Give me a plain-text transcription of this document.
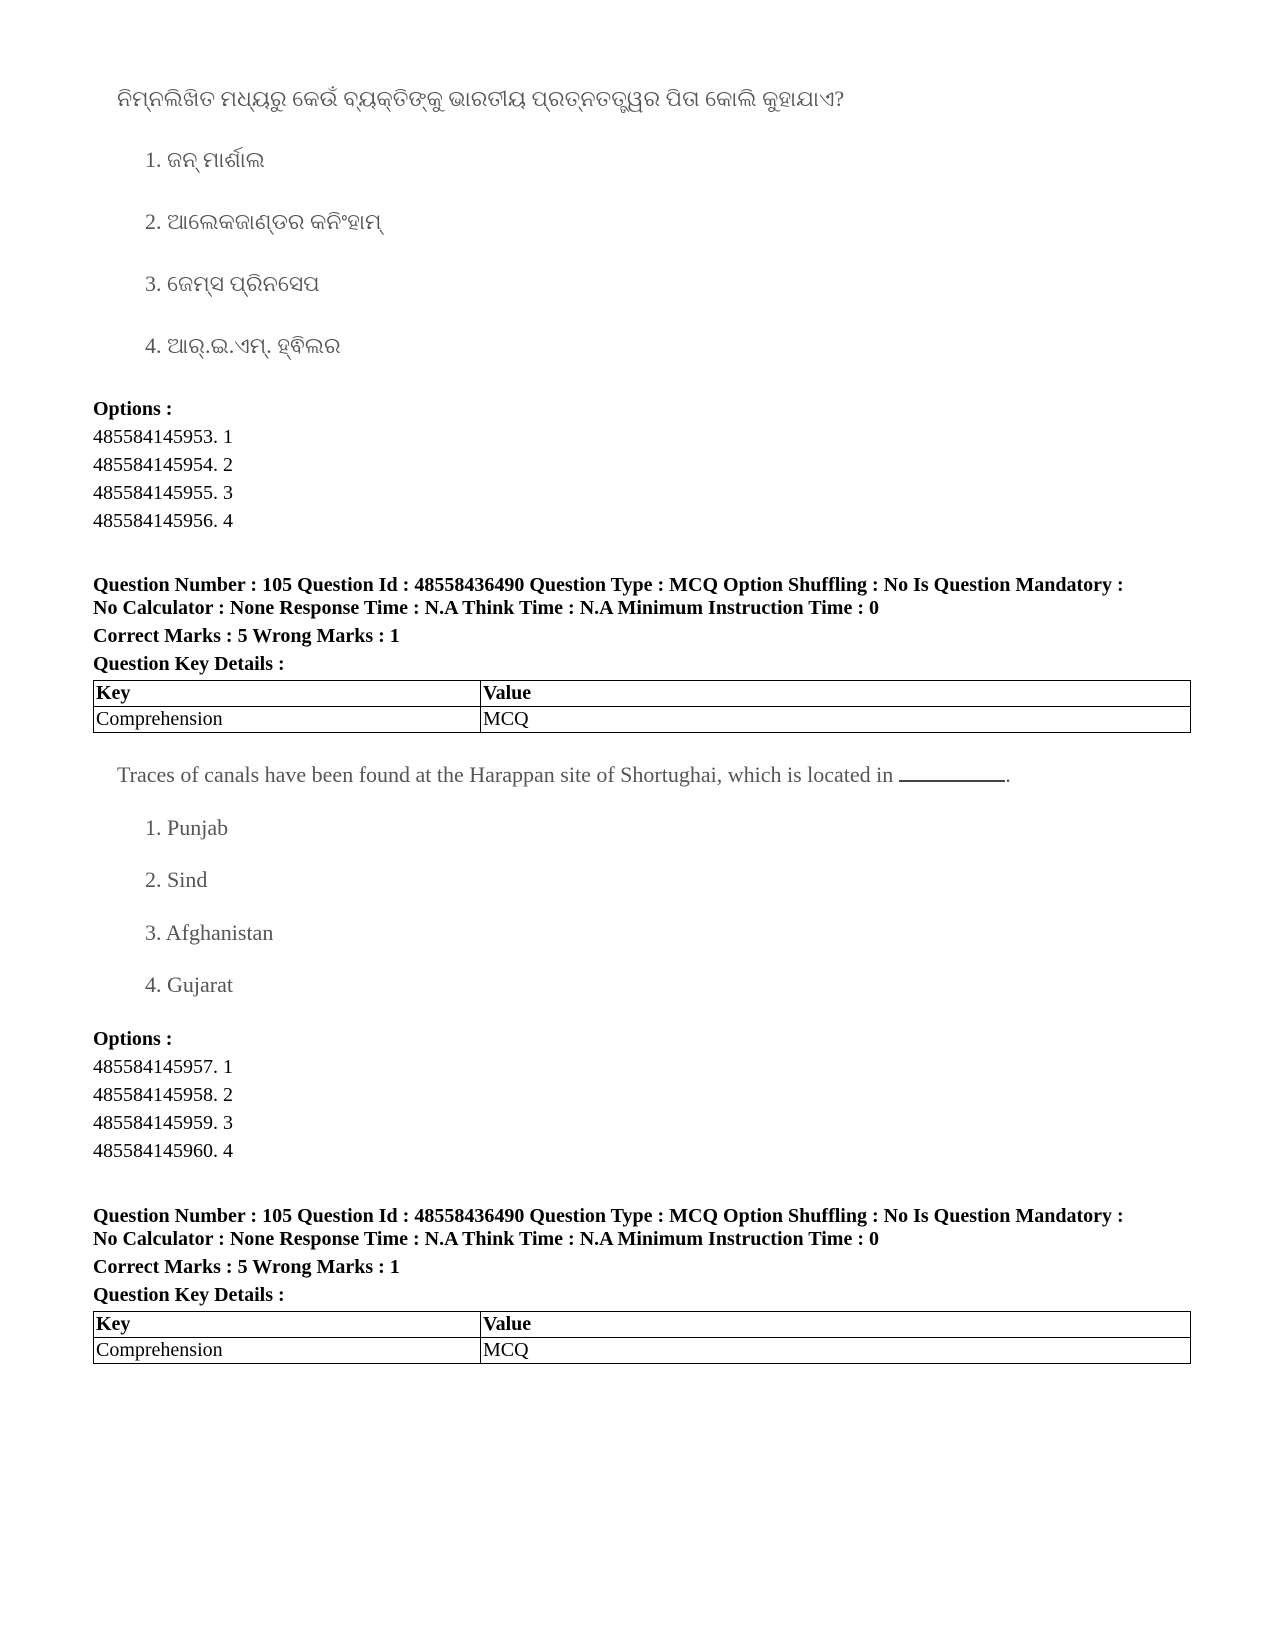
ନିମ୍ନଲିଖିତ ମଧ୍ୟରୁ କେଉଁ ବ୍ୟକ୍ତିଙ୍କୁ ଭାରତୀୟ ପ୍ରତ୍ନତତ୍ତ୍ୱର ପିତା କୋଲି କୁହାଯାଏ?
1. ଜନ୍ ମାର୍ଶାଲ
2. ଆଲେକଜାଣ୍ଡର କନିଂହାମ୍
3. ଜେମ୍ସ ପ୍ରିନସେପ
4. ଆର୍.ଇ.ଏମ୍. ହ୍ଵିଲର
Options :
485584145953. 1
485584145954. 2
485584145955. 3
485584145956. 4
Question Number : 105 Question Id : 48558436490 Question Type : MCQ Option Shuffling : No Is Question Mandatory :
No Calculator : None Response Time : N.A Think Time : N.A Minimum Instruction Time : 0
Correct Marks : 5 Wrong Marks : 1
Question Key Details :
Key	Value
Comprehension	MCQ
Traces of canals have been found at the Harappan site of Shortughai, which is located in	.
1. Punjab
2. Sind
3. Afghanistan
4. Gujarat
Options :
485584145957. 1
485584145958. 2
485584145959. 3
485584145960. 4
Question Number : 105 Question Id : 48558436490 Question Type : MCQ Option Shuffling : No Is Question Mandatory :
No Calculator : None Response Time : N.A Think Time : N.A Minimum Instruction Time : 0
Correct Marks : 5 Wrong Marks : 1
Question Key Details :
Key	Value
Comprehension	MCQ
